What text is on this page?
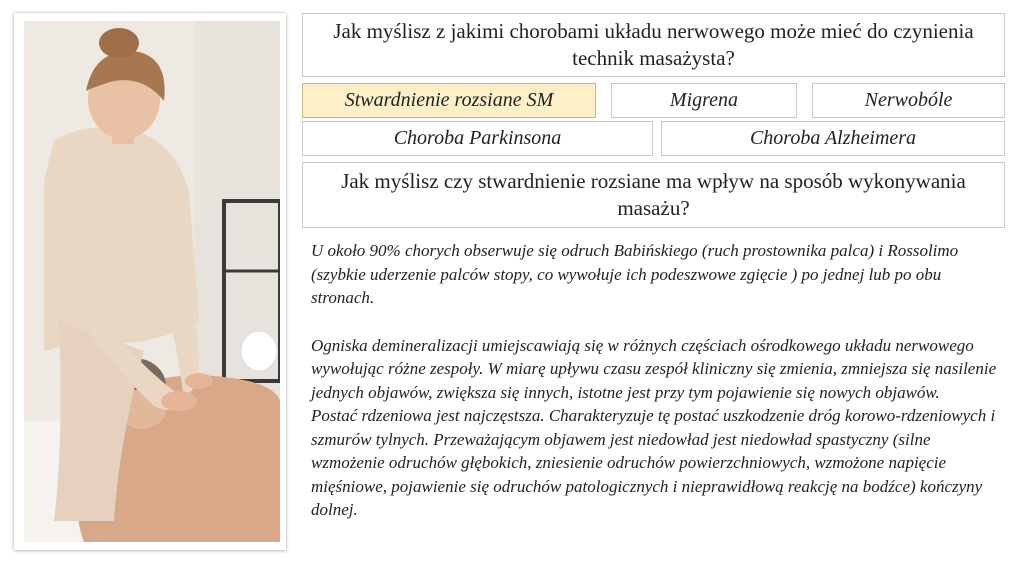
Jak myślisz z jakimi chorobami układu nerwowego może mieć do czynienia technik masażysta?
Stwardnienie rozsiane SM	Migrena	Nerwobóle
Choroba Parkinsona	Choroba Alzheimera
Jak myślisz czy stwardnienie rozsiane ma wpływ na sposób wykonywania masażu?

U około 90% chorych obserwuje się odruch Babińskiego (ruch prostownika palca) i Rossolimo (szybkie uderzenie palców stopy, co wywołuje ich podeszwowe zgięcie ) po jednej lub po obu stronach.

Ogniska demineralizacji umiejscawiają się w różnych częściach ośrodkowego układu nerwowego wywołując różne zespoły. W miarę upływu czasu zespół kliniczny się zmienia, zmniejsza się nasilenie jednych objawów, zwiększa się innych, istotne jest przy tym pojawienie się nowych objawów.

Postać rdzeniowa jest najczęstsza. Charakteryzuje tę postać uszkodzenie dróg korowo-rdzeniowych i szmurów tylnych. Przeważającym objawem jest niedowład jest niedowład spastyczny (silne wzmożenie odruchów głębokich, zniesienie odruchów powierzchniowych, wzmożone napięcie mięśniowe, pojawienie się odruchów patologicznych i nieprawidłową reakcję na bodźce) kończyny dolnej.
